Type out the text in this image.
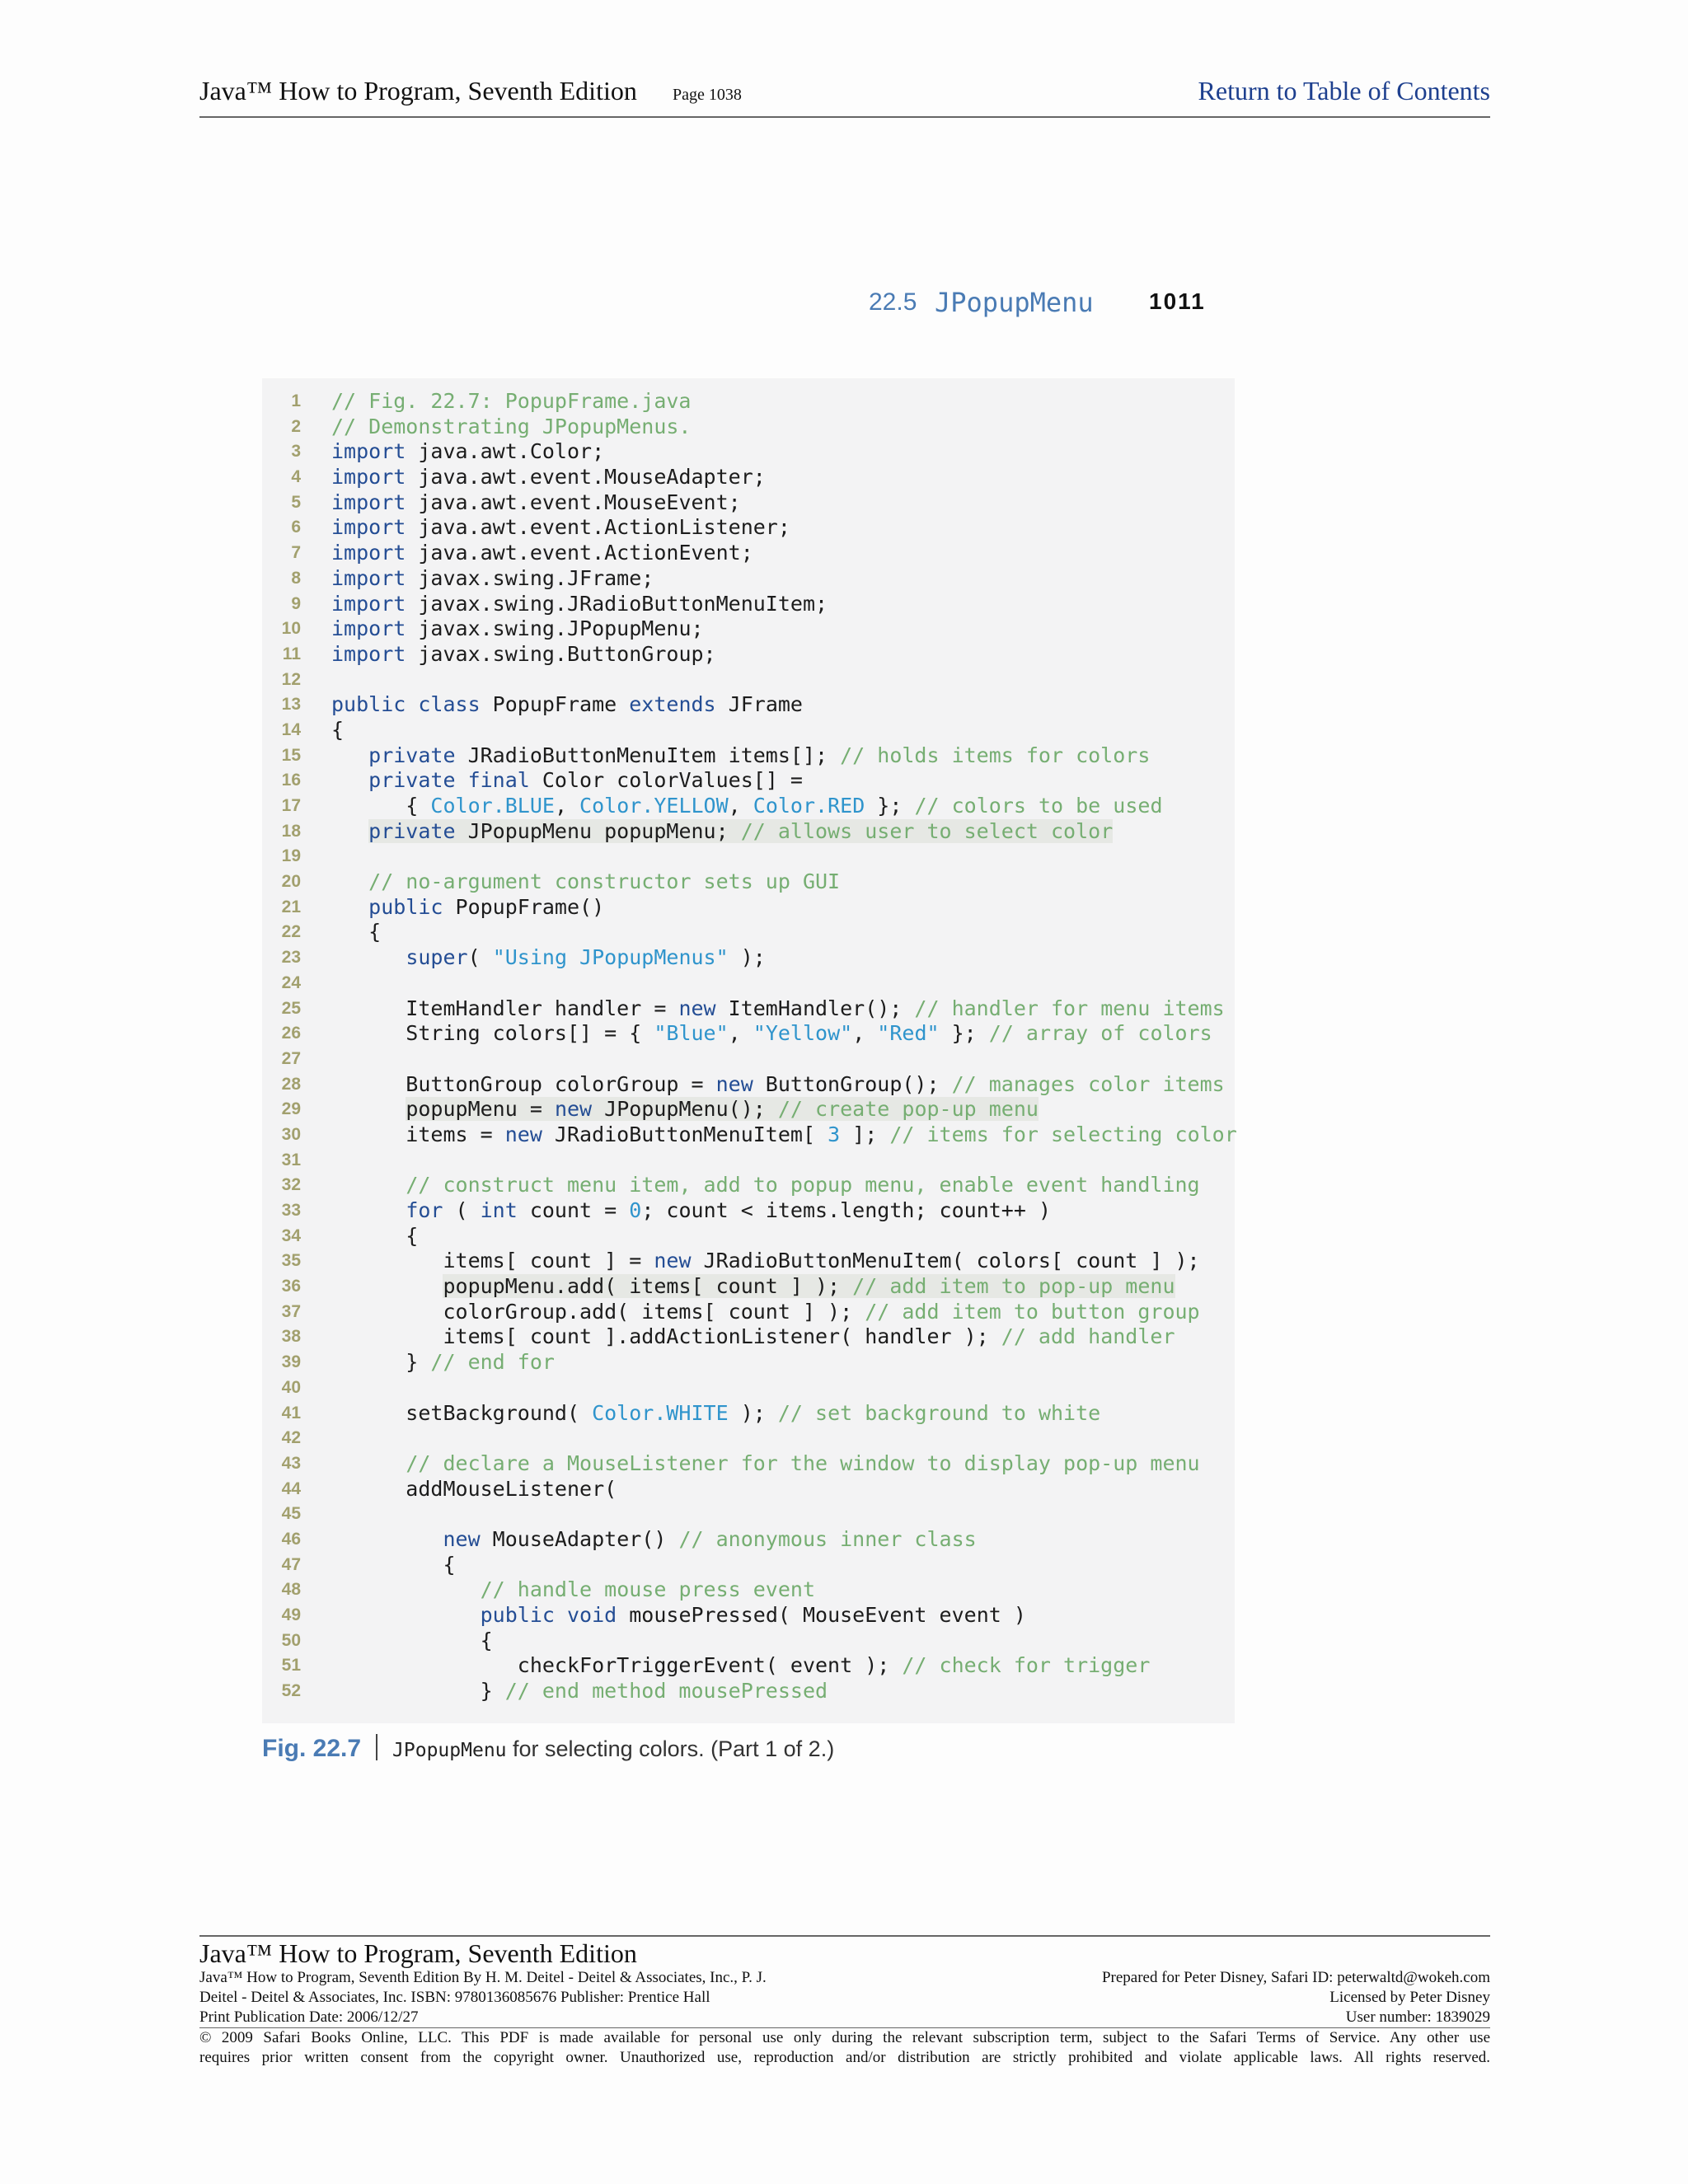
Java™ How to Program, Seventh Edition Page 1038	Return to Table of Contents
22.5 JPopupMenu 1011
1 // Fig. 22.7: PopupFrame.java
2 // Demonstrating JPopupMenus.
3 import java.awt.Color;
4 import java.awt.event.MouseAdapter;
5 import java.awt.event.MouseEvent;
6 import java.awt.event.ActionListener;
7 import java.awt.event.ActionEvent;
8 import javax.swing.JFrame;
9 import javax.swing.JRadioButtonMenuItem;
10 import javax.swing.JPopupMenu;
11 import javax.swing.ButtonGroup;
12
13 public class PopupFrame extends JFrame
14 {
15	private JRadioButtonMenuItem items[]; // holds items for colors
16	private final Color colorValues[] =
17 { Color.BLUE, Color.YELLOW, Color.RED }; // colors to be used
18	private JPopupMenu popupMenu; // allows user to select color
19
20	// no-argument constructor sets up GUI
21	public PopupFrame()
22 {
23	super( "Using JPopupMenus" );
24
25 ItemHandler handler = new ItemHandler(); // handler for menu items
26 String colors[] = { "Blue", "Yellow", "Red" }; // array of colors
27
28 ButtonGroup colorGroup = new ButtonGroup(); // manages color items
29	popupMenu = new JPopupMenu(); // create pop-up menu
30 items = new JRadioButtonMenuItem[ 3 ]; // items for selecting color
31
32	// construct menu item, add to popup menu, enable event handling
33	for ( int count = 0; count < items.length; count++ )
34 {
35 items[ count ] = new JRadioButtonMenuItem( colors[ count ] );
36	popupMenu.add( items[ count ] ); // add item to pop-up menu
37 colorGroup.add( items[ count ] ); // add item to button group
38 items[ count ].addActionListener( handler ); // add handler
39 } // end for
40
41 setBackground( Color.WHITE ); // set background to white
42
43	// declare a MouseListener for the window to display pop-up menu
44 addMouseListener(
45
46	new MouseAdapter() // anonymous inner class
47 {
48	// handle mouse press event
49	public void mousePressed( MouseEvent event )
50 {
51 checkForTriggerEvent( event ); // check for trigger
52 } // end method mousePressed
Fig. 22.7 JPopupMenu for selecting colors. (Part 1 of 2.)
Java™ How to Program, Seventh Edition
Java™ How to Program, Seventh Edition By H. M. Deitel - Deitel & Associates, Inc., P. J.
Deitel - Deitel & Associates, Inc. ISBN: 9780136085676 Publisher: Prentice Hall
Print Publication Date: 2006/12/27
Prepared for Peter Disney, Safari ID: peterwaltd@wokeh.com
Licensed by Peter Disney
User number: 1839029
© 2009 Safari Books Online, LLC. This PDF is made available for personal use only during the relevant subscription term, subject to the Safari Terms of Service. Any other use
requires prior written consent from the copyright owner. Unauthorized use, reproduction and/or distribution are strictly prohibited and violate applicable laws. All rights reserved.
